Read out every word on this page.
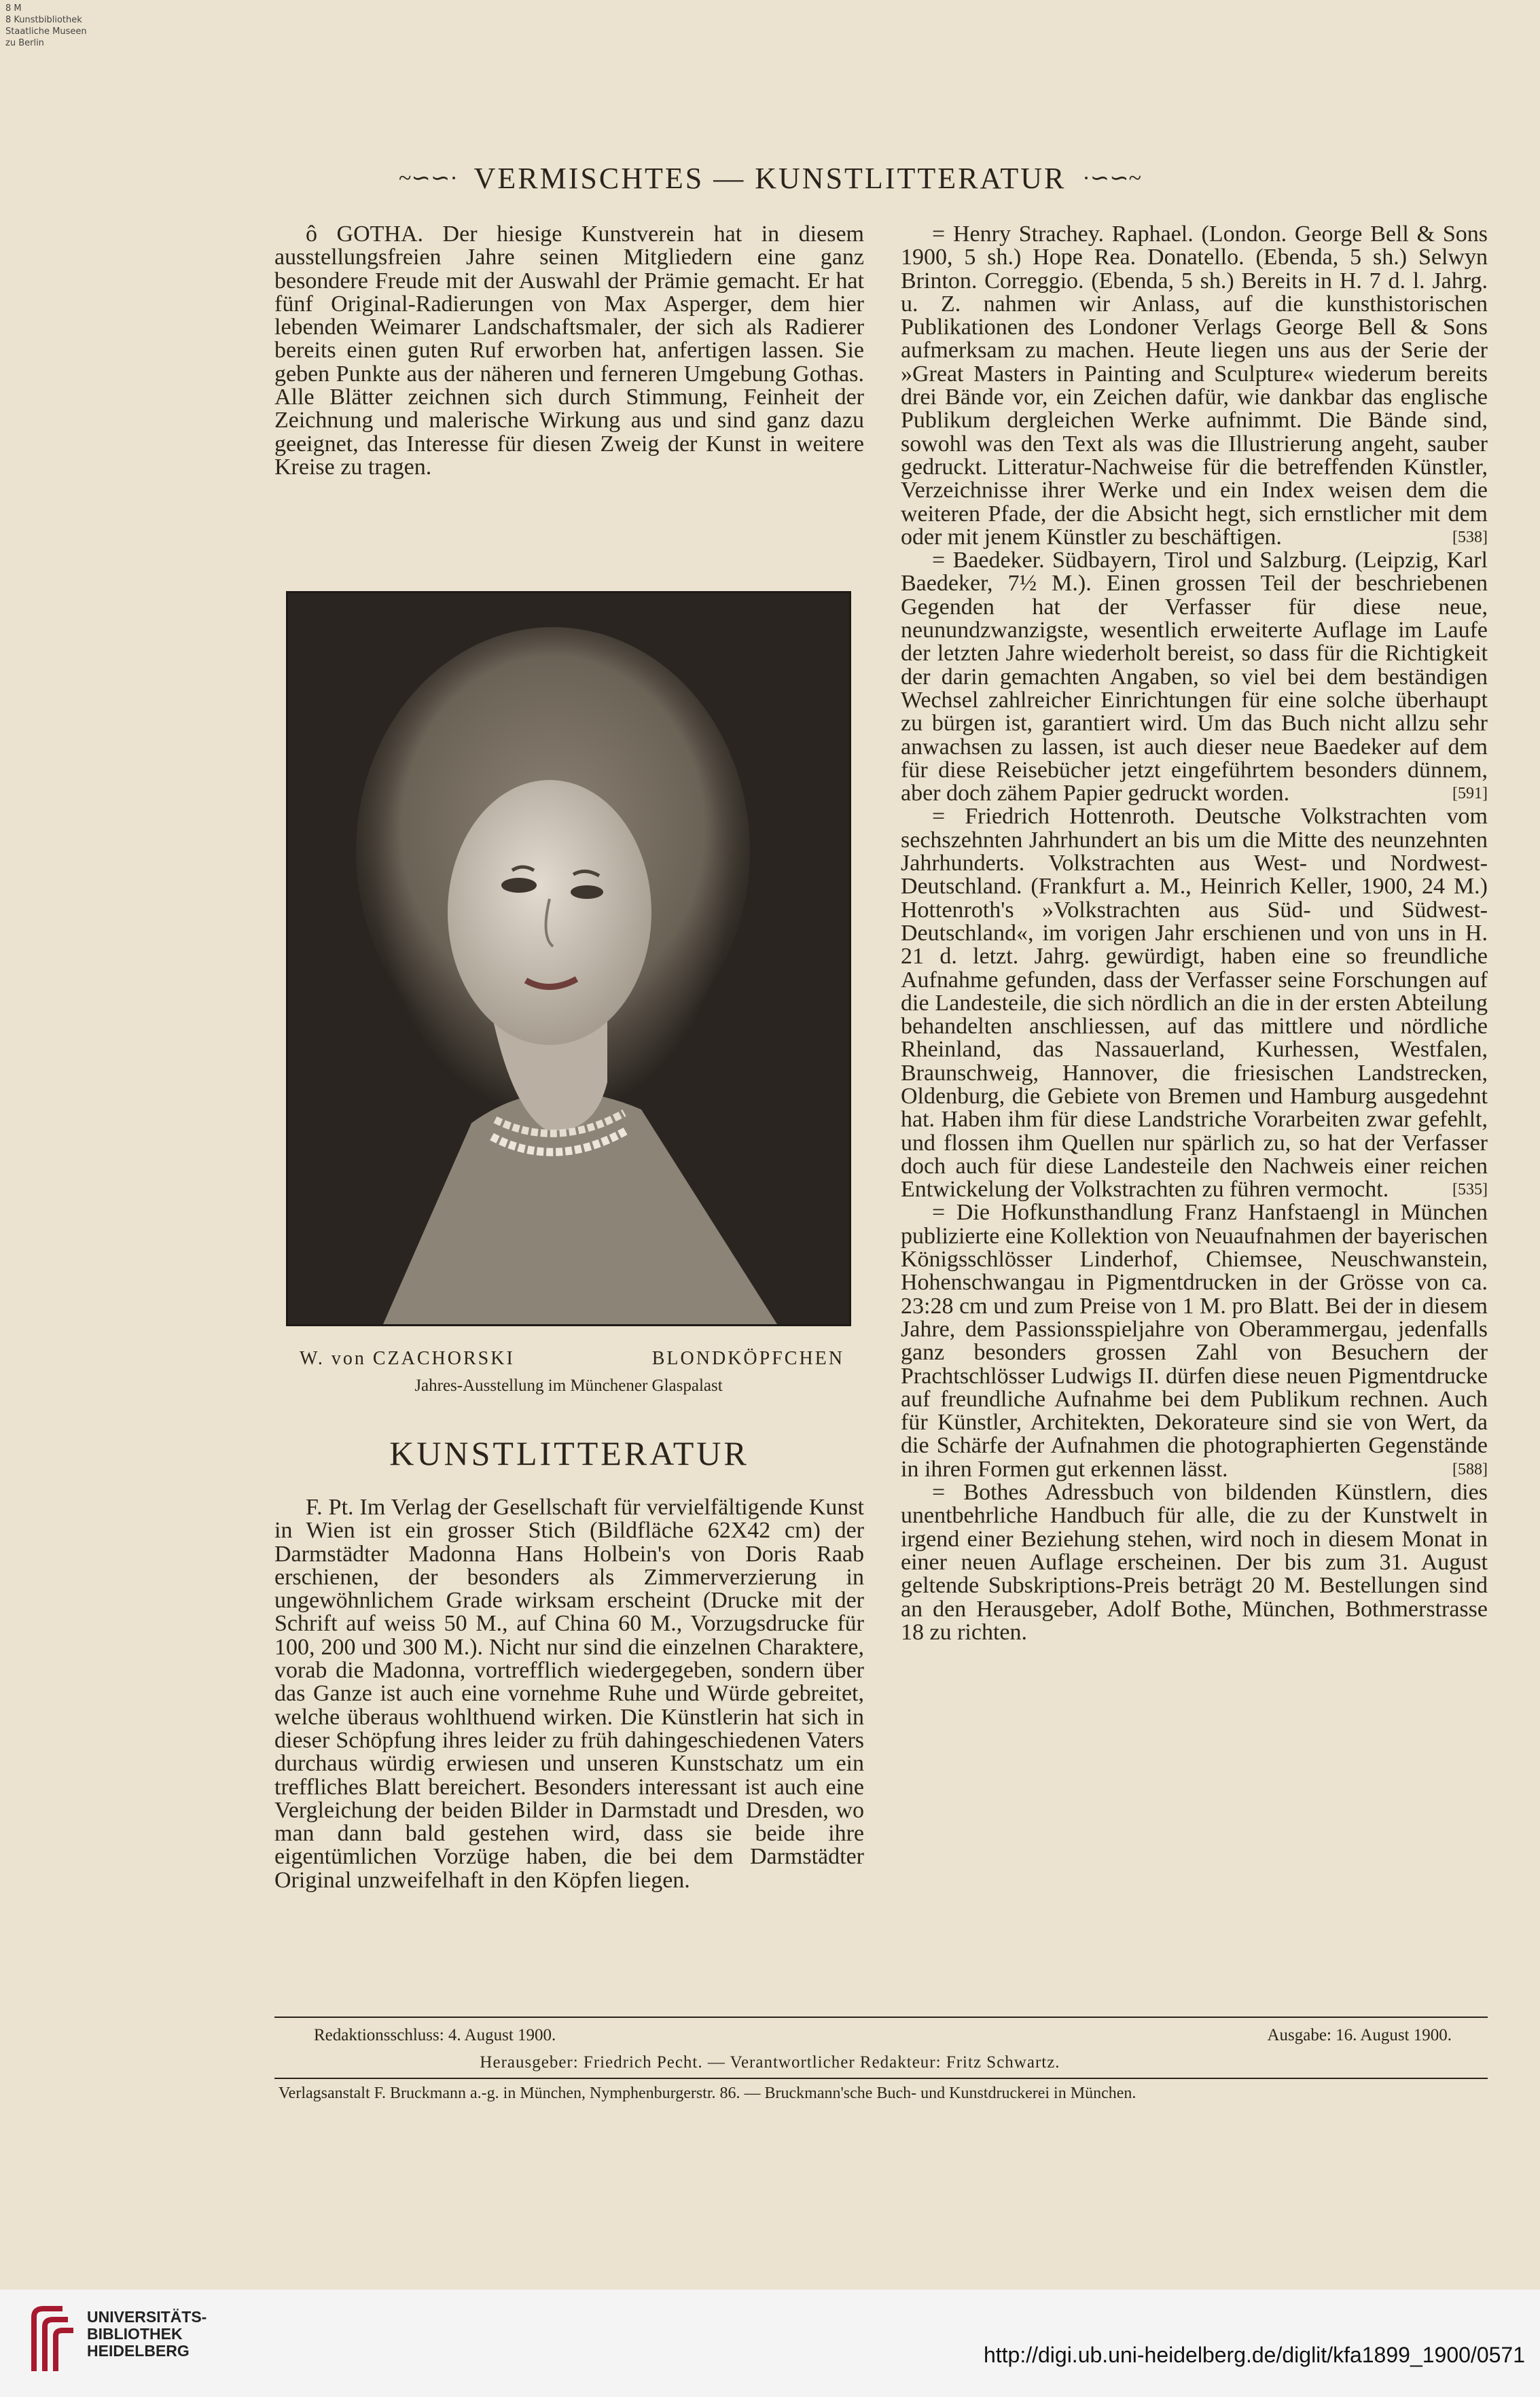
8 M
8 Kunstbibliothek
Staatliche Museen
zu Berlin
~∽∽· VERMISCHTES — KUNSTLITTERATUR ·∽∽~

ô GOTHA. Der hiesige Kunstverein hat in diesem ausstellungsfreien Jahre seinen Mitgliedern eine ganz besondere Freude mit der Auswahl der Prämie gemacht. Er hat fünf Original-Radierungen von Max Asperger, dem hier lebenden Weimarer Landschaftsmaler, der sich als Radierer bereits einen guten Ruf erworben hat, anfertigen lassen. Sie geben Punkte aus der näheren und ferneren Umgebung Gothas. Alle Blätter zeichnen sich durch Stimmung, Feinheit der Zeichnung und malerische Wirkung aus und sind ganz dazu geeignet, das Interesse für diesen Zweig der Kunst in weitere Kreise zu tragen.

W. von CZACHORSKI	BLONDKÖPFCHEN
Jahres-Ausstellung im Münchener Glaspalast
KUNSTLITTERATUR

F. Pt. Im Verlag der Gesellschaft für vervielfältigende Kunst in Wien ist ein grosser Stich (Bildfläche 62X42 cm) der Darmstädter Madonna Hans Holbein's von Doris Raab erschienen, der besonders als Zimmerverzierung in ungewöhnlichem Grade wirksam erscheint (Drucke mit der Schrift auf weiss 50 M., auf China 60 M., Vorzugsdrucke für 100, 200 und 300 M.). Nicht nur sind die einzelnen Charaktere, vorab die Madonna, vortrefflich wiedergegeben, sondern über das Ganze ist auch eine vornehme Ruhe und Würde gebreitet, welche überaus wohlthuend wirken. Die Künstlerin hat sich in dieser Schöpfung ihres leider zu früh dahingeschiedenen Vaters durchaus würdig erwiesen und unseren Kunstschatz um ein treffliches Blatt bereichert. Besonders interessant ist auch eine Vergleichung der beiden Bilder in Darmstadt und Dresden, wo man dann bald gestehen wird, dass sie beide ihre eigentümlichen Vorzüge haben, die bei dem Darmstädter Original unzweifelhaft in den Köpfen liegen.

= Henry Strachey. Raphael. (London. George Bell & Sons 1900, 5 sh.) Hope Rea. Donatello. (Ebenda, 5 sh.) Selwyn Brinton. Correggio. (Ebenda, 5 sh.) Bereits in H. 7 d. l. Jahrg. u. Z. nahmen wir Anlass, auf die kunsthistorischen Publikationen des Londoner Verlags George Bell & Sons aufmerksam zu machen. Heute liegen uns aus der Serie der »Great Masters in Painting and Sculpture« wiederum bereits drei Bände vor, ein Zeichen dafür, wie dankbar das englische Publikum dergleichen Werke aufnimmt. Die Bände sind, sowohl was den Text als was die Illustrierung angeht, sauber gedruckt. Litteratur-Nachweise für die betreffenden Künstler, Verzeichnisse ihrer Werke und ein Index weisen dem die weiteren Pfade, der die Absicht hegt, sich ernstlicher mit dem oder mit jenem Künstler zu beschäftigen.	[538]

= Baedeker. Südbayern, Tirol und Salzburg. (Leipzig, Karl Baedeker, 7½ M.). Einen grossen Teil der beschriebenen Gegenden hat der Verfasser für diese neue, neunundzwanzigste, wesentlich erweiterte Auflage im Laufe der letzten Jahre wiederholt bereist, so dass für die Richtigkeit der darin gemachten Angaben, so viel bei dem beständigen Wechsel zahlreicher Einrichtungen für eine solche überhaupt zu bürgen ist, garantiert wird. Um das Buch nicht allzu sehr anwachsen zu lassen, ist auch dieser neue Baedeker auf dem für diese Reisebücher jetzt eingeführtem besonders dünnem, aber doch zähem Papier gedruckt worden.	[591]

= Friedrich Hottenroth. Deutsche Volkstrachten vom sechszehnten Jahrhundert an bis um die Mitte des neunzehnten Jahrhunderts. Volkstrachten aus West- und Nordwest-Deutschland. (Frankfurt a. M., Heinrich Keller, 1900, 24 M.) Hottenroth's »Volkstrachten aus Süd- und Südwest-Deutschland«, im vorigen Jahr erschienen und von uns in H. 21 d. letzt. Jahrg. gewürdigt, haben eine so freundliche Aufnahme gefunden, dass der Verfasser seine Forschungen auf die Landesteile, die sich nördlich an die in der ersten Abteilung behandelten anschliessen, auf das mittlere und nördliche Rheinland, das Nassauerland, Kurhessen, Westfalen, Braunschweig, Hannover, die friesischen Landstrecken, Oldenburg, die Gebiete von Bremen und Hamburg ausgedehnt hat. Haben ihm für diese Landstriche Vorarbeiten zwar gefehlt, und flossen ihm Quellen nur spärlich zu, so hat der Verfasser doch auch für diese Landesteile den Nachweis einer reichen Entwickelung der Volkstrachten zu führen vermocht.	[535]

= Die Hofkunsthandlung Franz Hanfstaengl in München publizierte eine Kollektion von Neuaufnahmen der bayerischen Königsschlösser Linderhof, Chiemsee, Neuschwanstein, Hohenschwangau in Pigmentdrucken in der Grösse von ca. 23:28 cm und zum Preise von 1 M. pro Blatt. Bei der in diesem Jahre, dem Passionsspieljahre von Oberammergau, jedenfalls ganz besonders grossen Zahl von Besuchern der Prachtschlösser Ludwigs II. dürfen diese neuen Pigmentdrucke auf freundliche Aufnahme bei dem Publikum rechnen. Auch für Künstler, Architekten, Dekorateure sind sie von Wert, da die Schärfe der Aufnahmen die photographierten Gegenstände in ihren Formen gut erkennen lässt.	[588]

= Bothes Adressbuch von bildenden Künstlern, dies unentbehrliche Handbuch für alle, die zu der Kunstwelt in irgend einer Beziehung stehen, wird noch in diesem Monat in einer neuen Auflage erscheinen. Der bis zum 31. August geltende Subskriptions-Preis beträgt 20 M. Bestellungen sind an den Herausgeber, Adolf Bothe, München, Bothmerstrasse 18 zu richten.

Redaktionsschluss: 4. August 1900.	Ausgabe: 16. August 1900.
Herausgeber: Friedrich Pecht. — Verantwortlicher Redakteur: Fritz Schwartz.
Verlagsanstalt F. Bruckmann a.-g. in München, Nymphenburgerstr. 86. — Bruckmann'sche Buch- und Kunstdruckerei in München.
UNIVERSITÄTS-
BIBLIOTHEK
HEIDELBERG	http://digi.ub.uni-heidelberg.de/diglit/kfa1899_1900/0571
